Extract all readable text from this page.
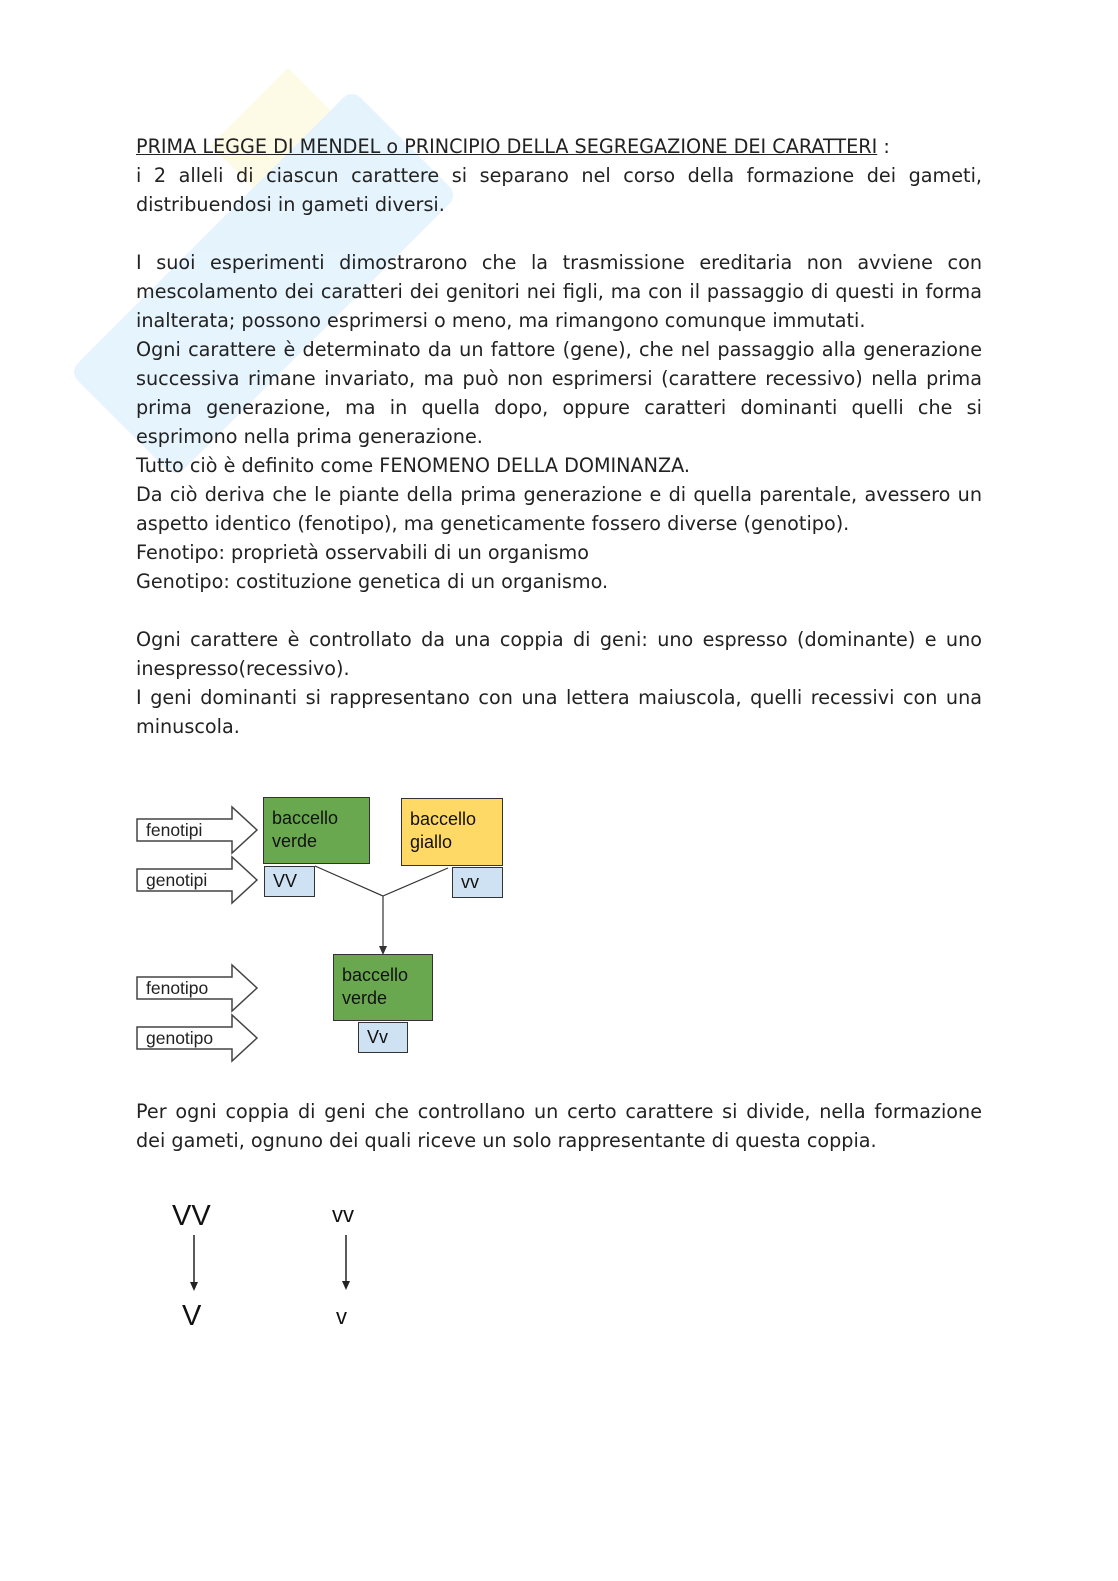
PRIMA LEGGE DI MENDEL o PRINCIPIO DELLA SEGREGAZIONE DEI CARATTERI :

i 2 alleli di ciascun carattere si separano nel corso della formazione dei gameti, distribuendosi in gameti diversi.

I suoi esperimenti dimostrarono che la trasmissione ereditaria non avviene con mescolamento dei caratteri dei genitori nei figli, ma con il passaggio di questi in forma inalterata; possono esprimersi o meno, ma rimangono comunque immutati.

Ogni carattere è determinato da un fattore (gene), che nel passaggio alla generazione successiva rimane invariato, ma può non esprimersi (carattere recessivo) nella prima prima generazione, ma in quella dopo, oppure caratteri dominanti quelli che si esprimono nella prima generazione.

Tutto ciò è definito come FENOMENO DELLA DOMINANZA.

Da ciò deriva che le piante della prima generazione e di quella parentale, avessero un aspetto identico (fenotipo), ma geneticamente fossero diverse (genotipo).

Fenotipo: proprietà osservabili di un organismo

Genotipo: costituzione genetica di un organismo.

Ogni carattere è controllato da una coppia di geni: uno espresso (dominante) e uno inespresso(recessivo).

I geni dominanti si rappresentano con una lettera maiuscola, quelli recessivi con una minuscola.

fenotipi
genotipi
fenotipo
genotipo
baccello
verde
VV
baccello
giallo
vv
baccello
verde
Vv

Per ogni coppia di geni che controllano un certo carattere si divide, nella formazione dei gameti, ognuno dei quali riceve un solo rappresentante di questa coppia.

VV
V
vv
v
